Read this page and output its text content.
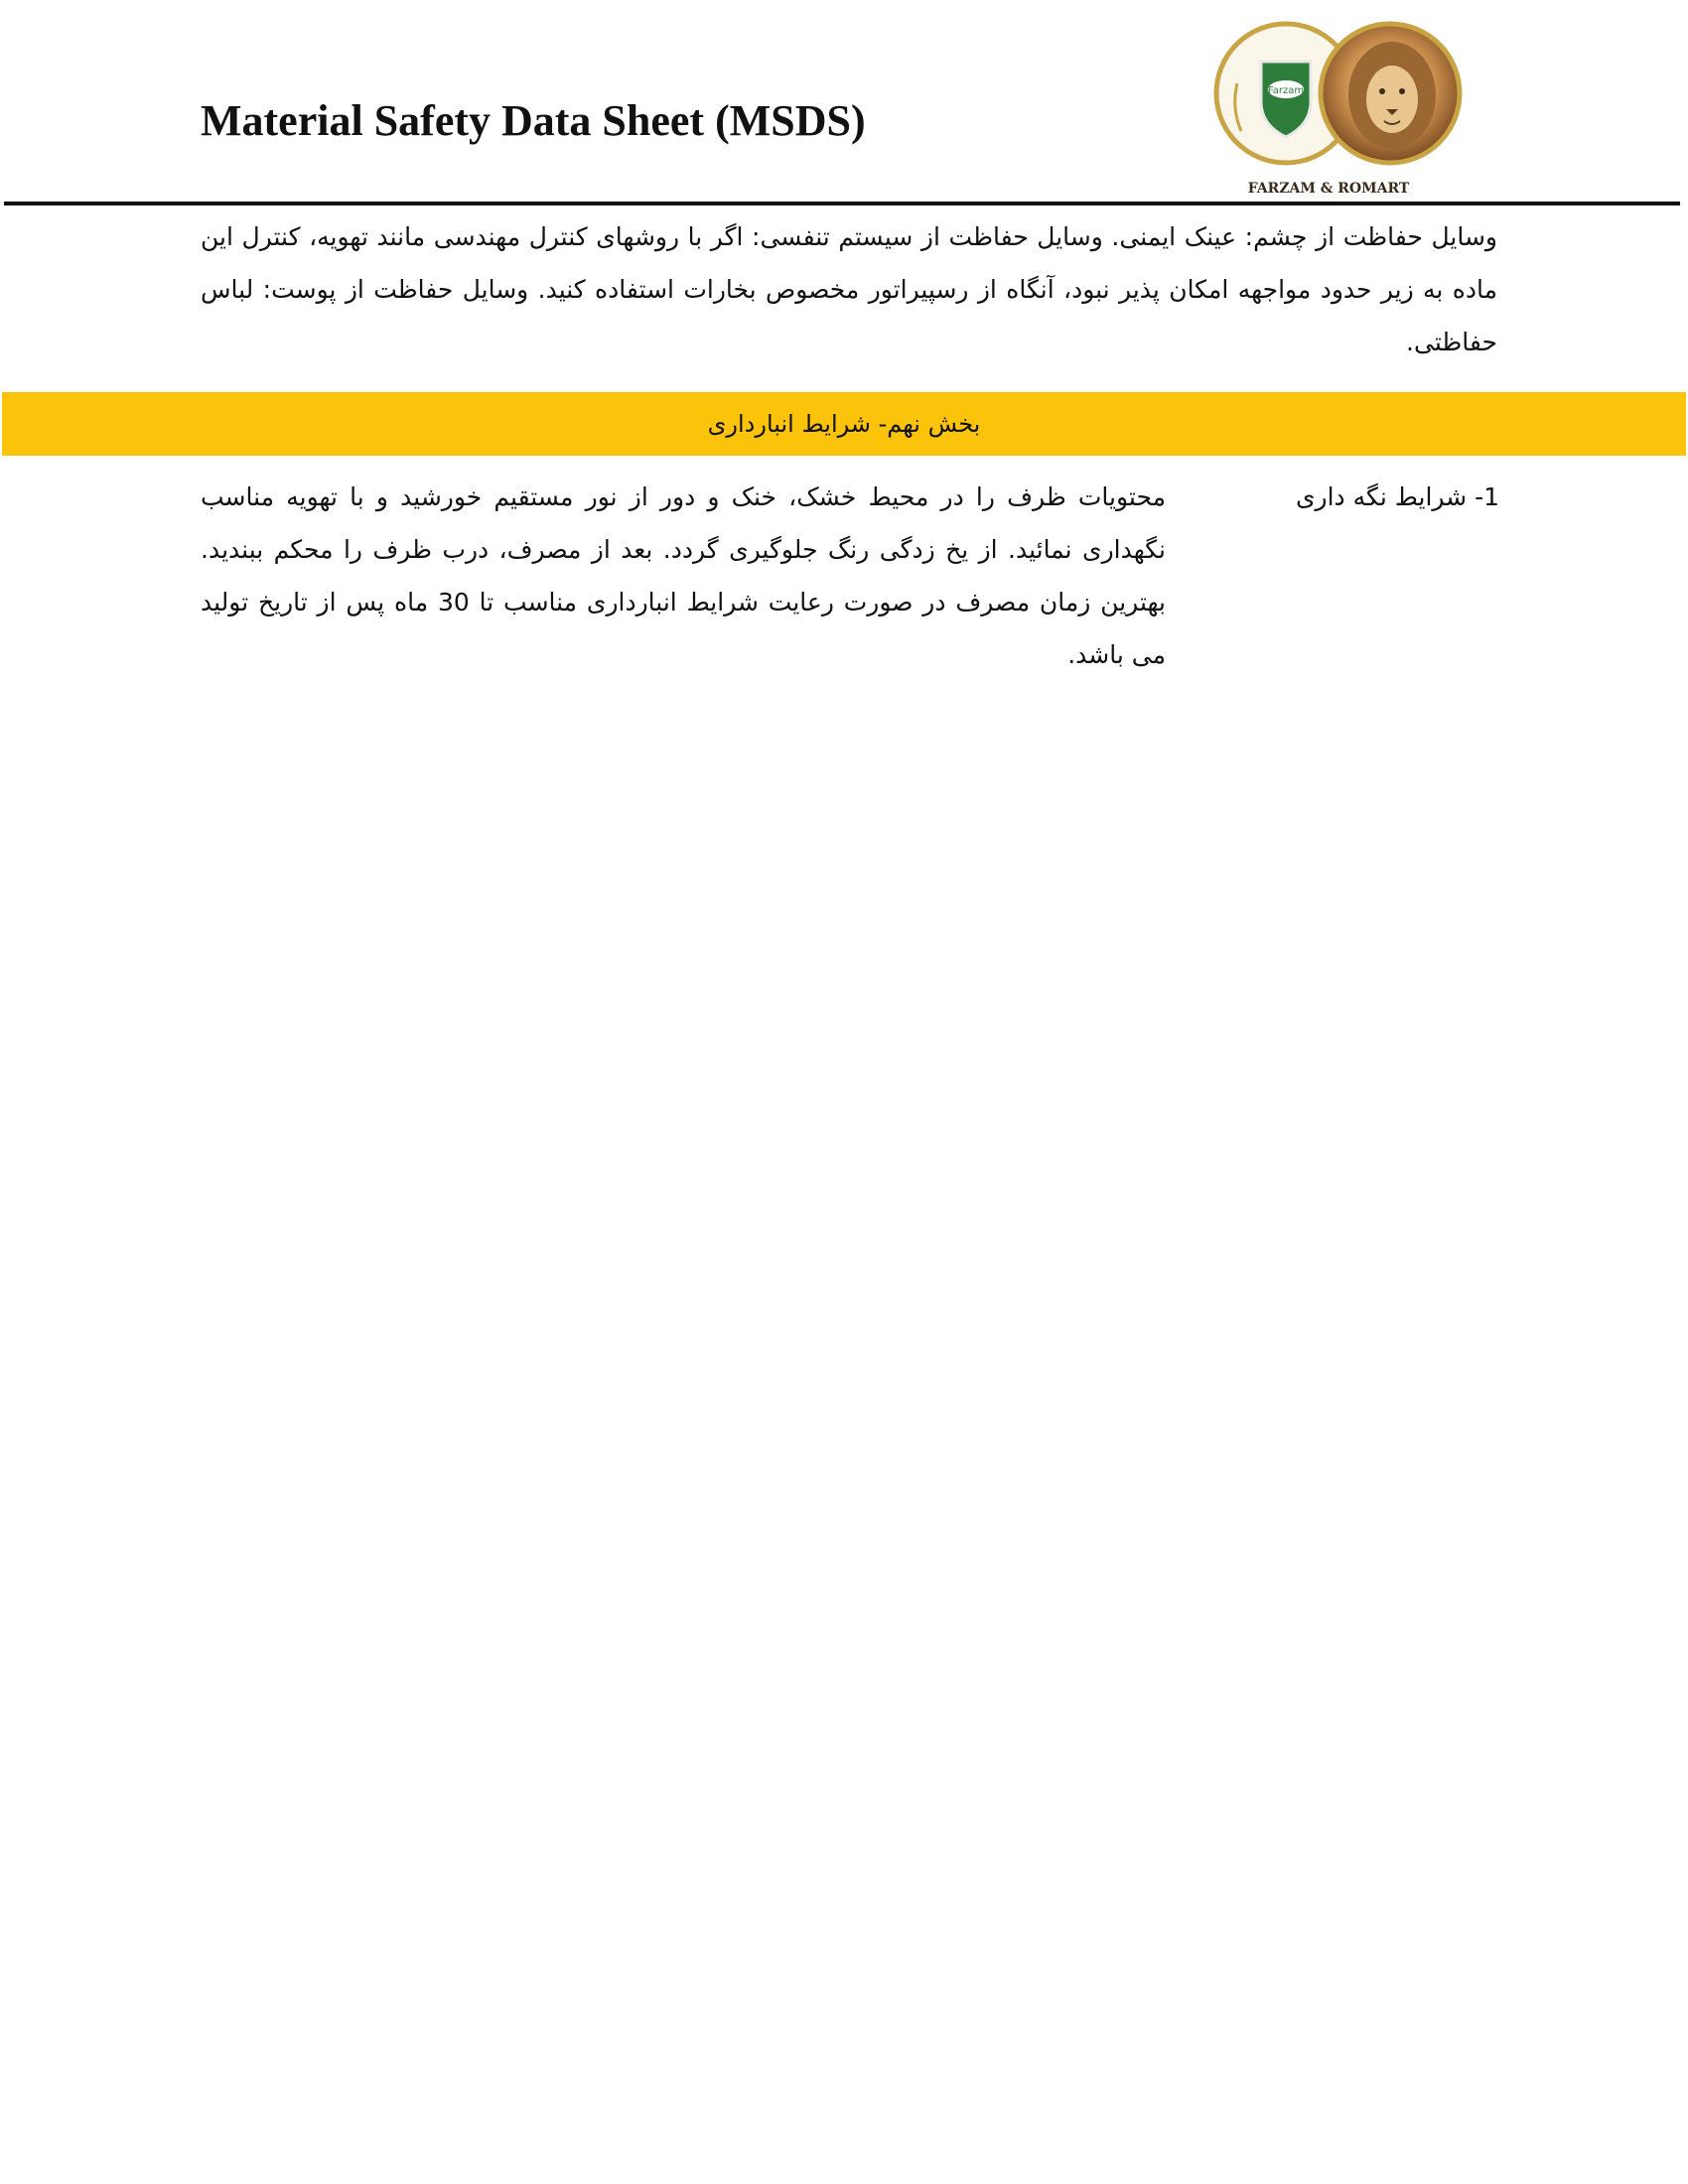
Material Safety Data Sheet (MSDS)
Farzam
FARZAM & ROMART
وسایل حفاظت از چشم: عینک ایمنی. وسایل حفاظت از سیستم تنفسی: اگر با روشهای کنترل مهندسی مانند تهویه، کنترل این ماده به زیر حدود مواجهه امکان پذیر نبود، آنگاه از رسپیراتور مخصوص بخارات استفاده کنید. وسایل حفاظت از پوست: لباس حفاظتی.
بخش نهم- شرایط انبارداری
1- شرایط نگه داری
محتویات ظرف را در محیط خشک، خنک و دور از نور مستقیم خورشید و با تهویه مناسب نگهداری نمائید. از یخ زدگی رنگ جلوگیری گردد. بعد از مصرف، درب ظرف را محکم ببندید. بهترین زمان مصرف در صورت رعایت شرایط انبارداری مناسب تا 30 ماه پس از تاریخ تولید می باشد.
